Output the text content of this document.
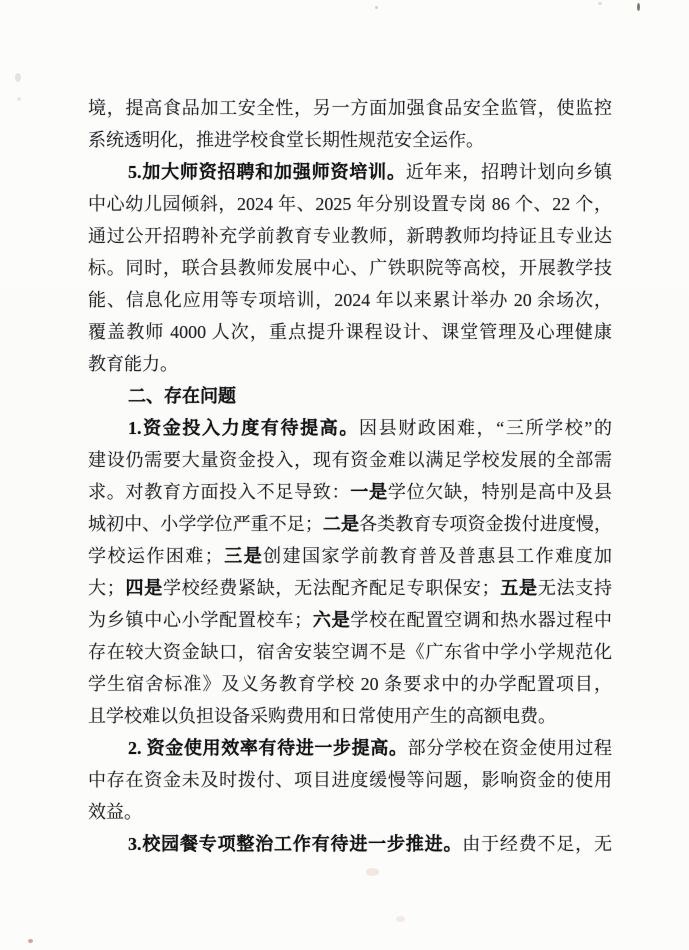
境，提高食品加工安全性，另一方面加强食品安全监管，使监控
系统透明化，推进学校食堂长期性规范安全运作。
5.加大师资招聘和加强师资培训。近年来，招聘计划向乡镇
中心幼儿园倾斜，2024 年、2025 年分别设置专岗 86 个、22 个，
通过公开招聘补充学前教育专业教师，新聘教师均持证且专业达
标。同时，联合县教师发展中心、广铁职院等高校，开展教学技
能、信息化应用等专项培训，2024 年以来累计举办 20 余场次，
覆盖教师 4000 人次，重点提升课程设计、课堂管理及心理健康
教育能力。
二、存在问题
1.资金投入力度有待提高。因县财政困难，“三所学校”的
建设仍需要大量资金投入，现有资金难以满足学校发展的全部需
求。对教育方面投入不足导致：一是学位欠缺，特别是高中及县
城初中、小学学位严重不足；二是各类教育专项资金拨付进度慢，
学校运作困难；三是创建国家学前教育普及普惠县工作难度加
大；四是学校经费紧缺，无法配齐配足专职保安；五是无法支持
为乡镇中心小学配置校车；六是学校在配置空调和热水器过程中
存在较大资金缺口，宿舍安装空调不是《广东省中学小学规范化
学生宿舍标准》及义务教育学校 20 条要求中的办学配置项目，
且学校难以负担设备采购费用和日常使用产生的高额电费。
2. 资金使用效率有待进一步提高。部分学校在资金使用过程
中存在资金未及时拨付、项目进度缓慢等问题，影响资金的使用
效益。
3.校园餐专项整治工作有待进一步推进。由于经费不足，无
